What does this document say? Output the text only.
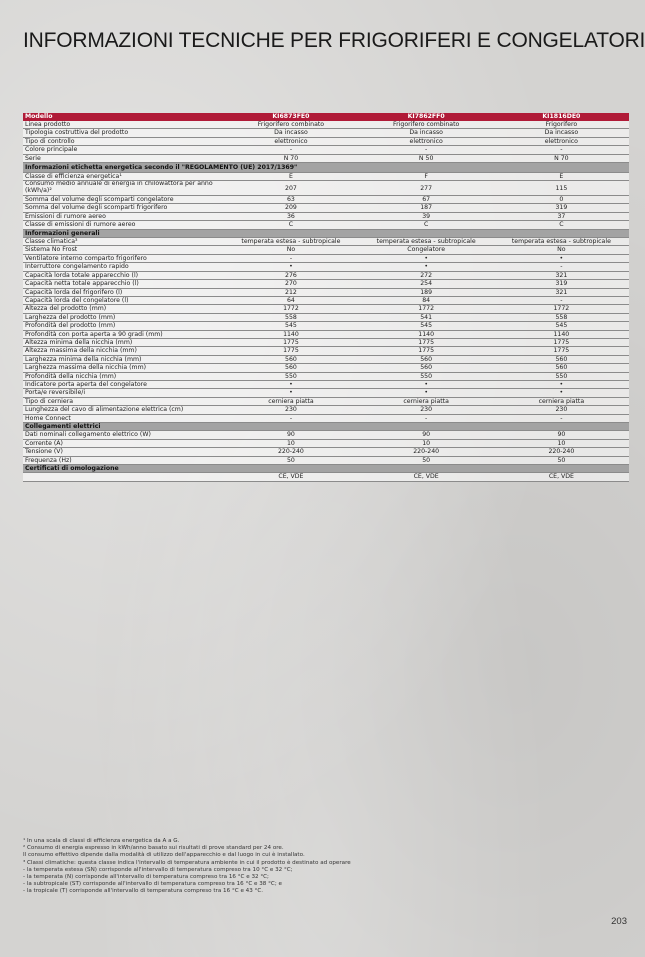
INFORMAZIONI TECNICHE PER FRIGORIFERI E CONGELATORI
Modello	KI6873FE0	KI7862FF0	KI1816DE0
Linea prodotto	Frigorifero combinato	Frigorifero combinato	Frigorifero
Tipologia costruttiva del prodotto	Da incasso	Da incasso	Da incasso
Tipo di controllo	elettronico	elettronico	elettronico
Colore principale	-	-	-
Serie	N 70	N 50	N 70
Informazioni etichetta energetica secondo il "REGOLAMENTO (UE) 2017/1369"			
Classe di efficienza energetica¹	E	F	E
Consumo medio annuale di energia in chilowattora per anno (kWh/a)²	207	277	115
Somma del volume degli scomparti congelatore	63	67	0
Somma del volume degli scomparti frigorifero	209	187	319
Emissioni di rumore aereo	36	39	37
Classe di emissioni di rumore aereo	C	C	C
Informazioni generali			
Classe climatica³	temperata estesa - subtropicale	temperata estesa - subtropicale	temperata estesa - subtropicale
Sistema No Frost	No	Congelatore	No
Ventilatore interno comparto frigorifero	-	•	•
Interruttore congelamento rapido	•	•	-
Capacità lorda totale apparecchio (l)	276	272	321
Capacità netta totale apparecchio (l)	270	254	319
Capacità lorda del frigorifero (l)	212	189	321
Capacità lorda del congelatore (l)	64	84	-
Altezza del prodotto (mm)	1772	1772	1772
Larghezza del prodotto (mm)	558	541	558
Profondità del prodotto (mm)	545	545	545
Profondità con porta aperta a 90 gradi (mm)	1140	1140	1140
Altezza minima della nicchia (mm)	1775	1775	1775
Altezza massima della nicchia (mm)	1775	1775	1775
Larghezza minima della nicchia (mm)	560	560	560
Larghezza massima della nicchia (mm)	560	560	560
Profondità della nicchia (mm)	550	550	550
Indicatore porta aperta del congelatore	•	•	•
Porta/e reversibile/i	•	•	•
Tipo di cerniera	cerniera piatta	cerniera piatta	cerniera piatta
Lunghezza del cavo di alimentazione elettrica (cm)	230	230	230
Home Connect	-	-	-
Collegamenti elettrici			
Dati nominali collegamento elettrico (W)	90	90	90
Corrente (A)	10	10	10
Tensione (V)	220-240	220-240	220-240
Frequenza (Hz)	50	50	50
Certificati di omologazione			
	CE, VDE	CE, VDE	CE, VDE

¹ In una scala di classi di efficienza energetica da A a G.

² Consumo di energia espresso in kWh/anno basato sui risultati di prove standard per 24 ore.

Il consumo effettivo dipende dalla modalità di utilizzo dell'apparecchio e dal luogo in cui è installato.

³ Classi climatiche: questa classe indica l'intervallo di temperatura ambiente in cui il prodotto è destinato ad operare

- la temperata estesa (SN) corrisponde all'intervallo di temperatura compreso tra 10 °C e 32 °C;

- la temperata (N) corrisponde all'intervallo di temperatura compreso tra 16 °C e 32 °C;

- la subtropicale (ST) corrisponde all'intervallo di temperatura compreso tra 16 °C e 38 °C; e

- la tropicale (T) corrisponde all'intervallo di temperatura compreso tra 16 °C e 43 °C.

203
